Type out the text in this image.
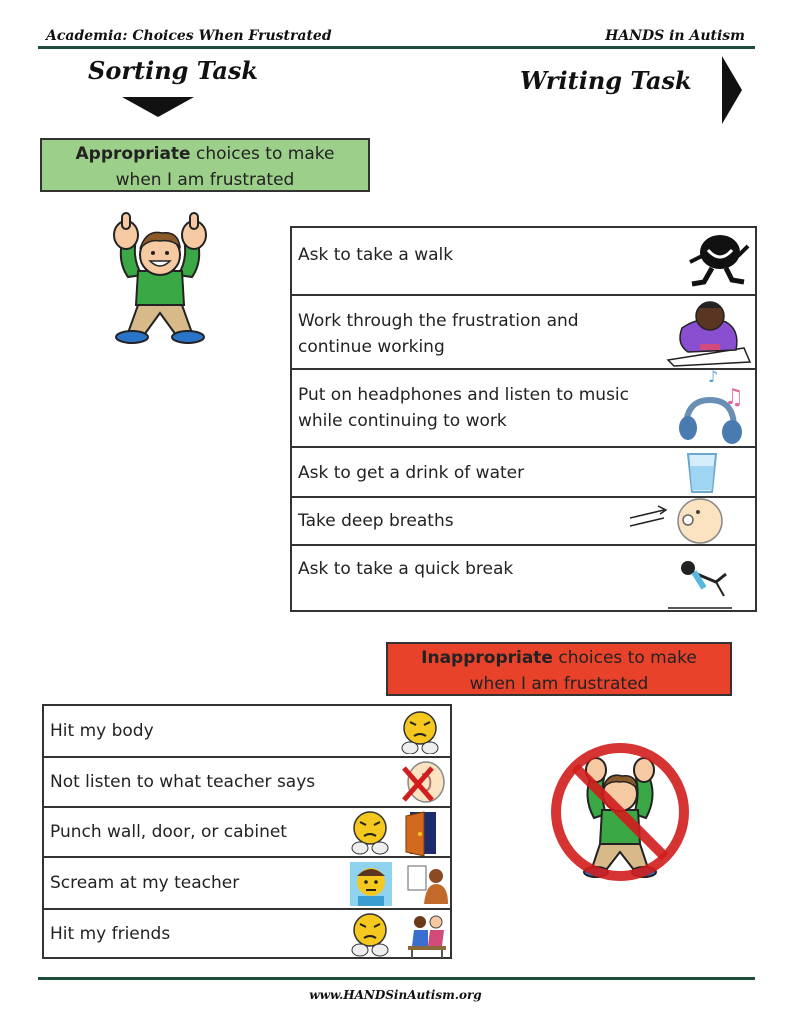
Academia: Choices When Frustrated	HANDS in Autism
Sorting Task	Writing Task
Appropriate choices to make
when I am frustrated
Ask to take a walk
Work through the frustration and
continue working
Put on headphones and listen to music
while continuing to work
♪
♫
Ask to get a drink of water
Take deep breaths
Ask to take a quick break
Inappropriate choices to make
when I am frustrated
Hit my body
Not listen to what teacher says
Punch wall, door, or cabinet
Scream at my teacher
Hit my friends
www.HANDSinAutism.org
